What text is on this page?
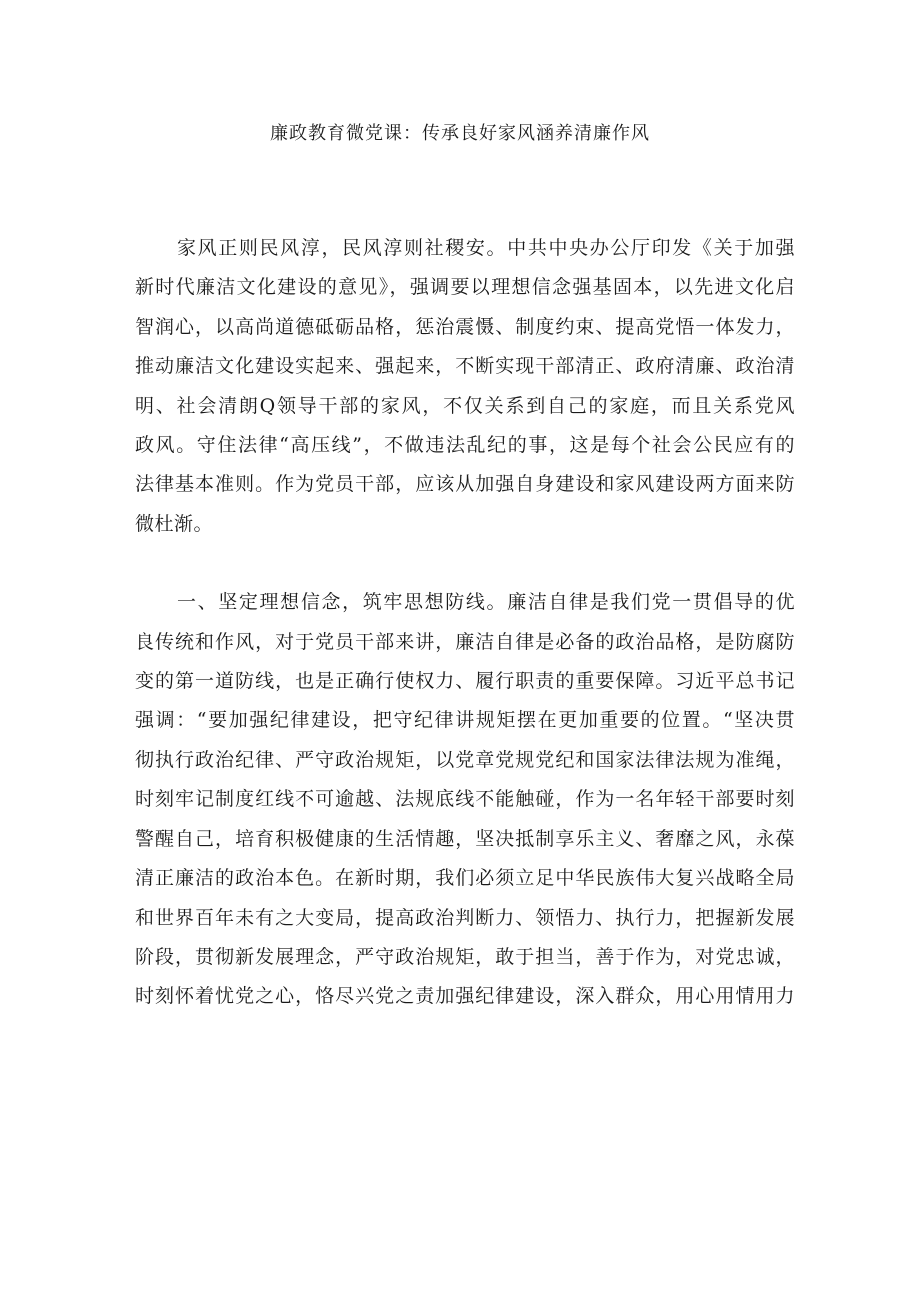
廉政教育微党课：传承良好家风涵养清廉作风

家风正则民风淳，民风淳则社稷安。中共中央办公厅印发《关于加强
新时代廉洁文化建设的意见》，强调要以理想信念强基固本，以先进文化启
智润心，以高尚道德砥砺品格，惩治震慑、制度约束、提高党悟一体发力，
推动廉洁文化建设实起来、强起来，不断实现干部清正、政府清廉、政治清
明、社会清朗Q领导干部的家风，不仅关系到自己的家庭，而且关系党风
政风。守住法律“高压线”，不做违法乱纪的事，这是每个社会公民应有的
法律基本准则。作为党员干部，应该从加强自身建设和家风建设两方面来防
微杜渐。

一、坚定理想信念，筑牢思想防线。廉洁自律是我们党一贯倡导的优
良传统和作风，对于党员干部来讲，廉洁自律是必备的政治品格，是防腐防
变的第一道防线，也是正确行使权力、履行职责的重要保障。习近平总书记
强调：“要加强纪律建设，把守纪律讲规矩摆在更加重要的位置。“坚决贯
彻执行政治纪律、严守政治规矩，以党章党规党纪和国家法律法规为准绳，
时刻牢记制度红线不可逾越、法规底线不能触碰，作为一名年轻干部要时刻
警醒自己，培育积极健康的生活情趣，坚决抵制享乐主义、奢靡之风，永葆
清正廉洁的政治本色。在新时期，我们必须立足中华民族伟大复兴战略全局
和世界百年未有之大变局，提高政治判断力、领悟力、执行力，把握新发展
阶段，贯彻新发展理念，严守政治规矩，敢于担当，善于作为，对党忠诚，
时刻怀着忧党之心，恪尽兴党之责加强纪律建设，深入群众，用心用情用力
